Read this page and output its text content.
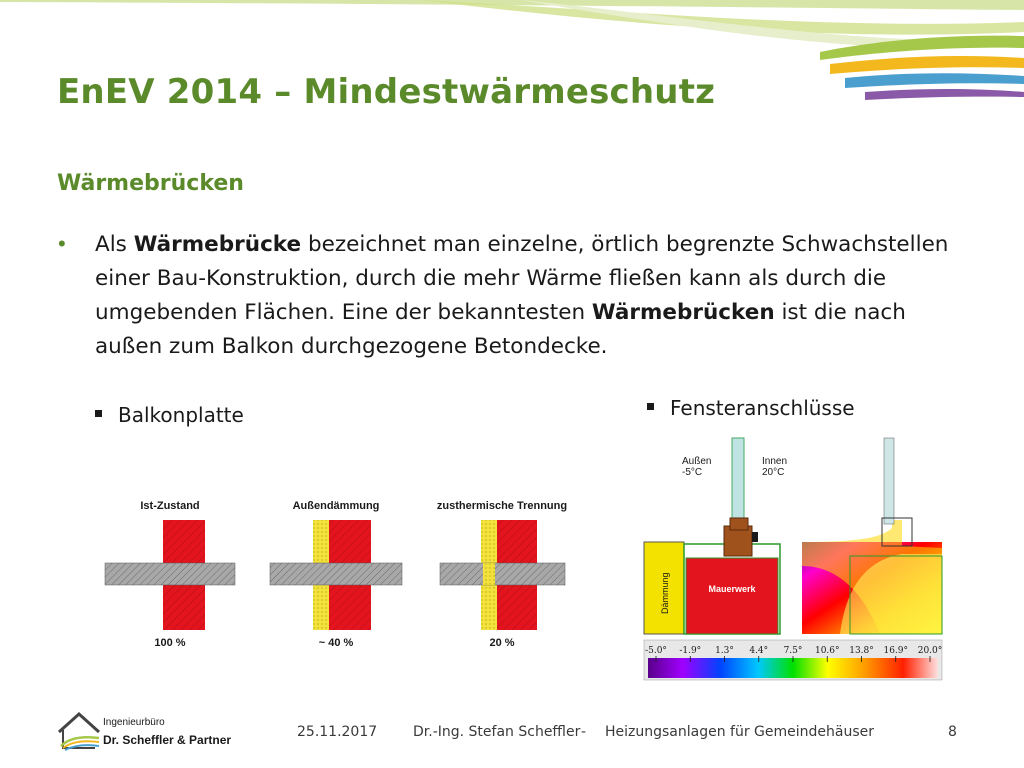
EnEV 2014 – Mindestwärmeschutz
Wärmebrücken
• Als Wärmebrücke bezeichnet man einzelne, örtlich begrenzte Schwachstellen einer Bau-Konstruktion, durch die mehr Wärme fließen kann als durch die umgebenden Flächen. Eine der bekanntesten Wärmebrücken ist die nach außen zum Balkon durchgezogene Betondecke.
Balkonplatte	Fensteranschlüsse
Ist-Zustand
100 %
Außendämmung
~ 40 %
zusthermische Trennung
20 %
Außen
-5°C
Innen
20°C
Dämmung	Mauerwerk
-5.0° -1.9° 1.3° 4.4° 7.5° 10.6° 13.8° 16.9° 20.0°
Ingenieurbüro
Dr. Scheffler & Partner	25.11.2017	Dr.-Ing. Stefan Scheffler - Heizungsanlagen für Gemeindehäuser	8
